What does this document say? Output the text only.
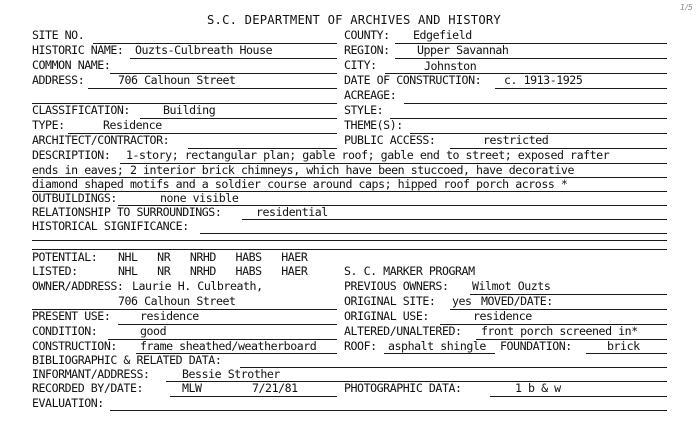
S.C. DEPARTMENT OF ARCHIVES AND HISTORY
1/5
SITE NO.	COUNTY: Edgefield
HISTORIC NAME: Ouzts-Culbreath House	REGION: Upper Savannah
COMMON NAME:	CITY:	Johnston
ADDRESS:	706 Calhoun Street	DATE OF CONSTRUCTION: c. 1913-1925
ACREAGE:
CLASSIFICATION:	Building	STYLE:
TYPE:	Residence	THEME(S):
ARCHITECT/CONTRACTOR:	PUBLIC ACCESS:	restricted
DESCRIPTION: 1-story; rectangular plan; gable roof; gable end to street; exposed rafter
ends in eaves; 2 interior brick chimneys, which have been stuccoed, have decorative
diamond shaped motifs and a soldier course around caps; hipped roof porch across *
OUTBUILDINGS:	none visible
RELATIONSHIP TO SURROUNDINGS:	residential
HISTORICAL SIGNIFICANCE:
POTENTIAL: NHL   NR   NRHD   HABS   HAER
LISTED:	NHL   NR   NRHD   HABS   HAER	S. C. MARKER PROGRAM
OWNER/ADDRESS: Laurie H. Culbreath,	PREVIOUS OWNERS: Wilmot Ouzts
706 Calhoun Street	ORIGINAL SITE: yes MOVED/DATE:
PRESENT USE:	residence	ORIGINAL USE:	residence
CONDITION:	good	ALTERED/UNALTERED: front porch screened in*
CONSTRUCTION: frame sheathed/weatherboard ROOF: asphalt shingle FOUNDATION:	brick
BIBLIOGRAPHIC & RELATED DATA:
INFORMANT/ADDRESS:	Bessie Strother
RECORDED BY/DATE:	MLW	7/21/81	PHOTOGRAPHIC DATA:	1 b & w
EVALUATION:
